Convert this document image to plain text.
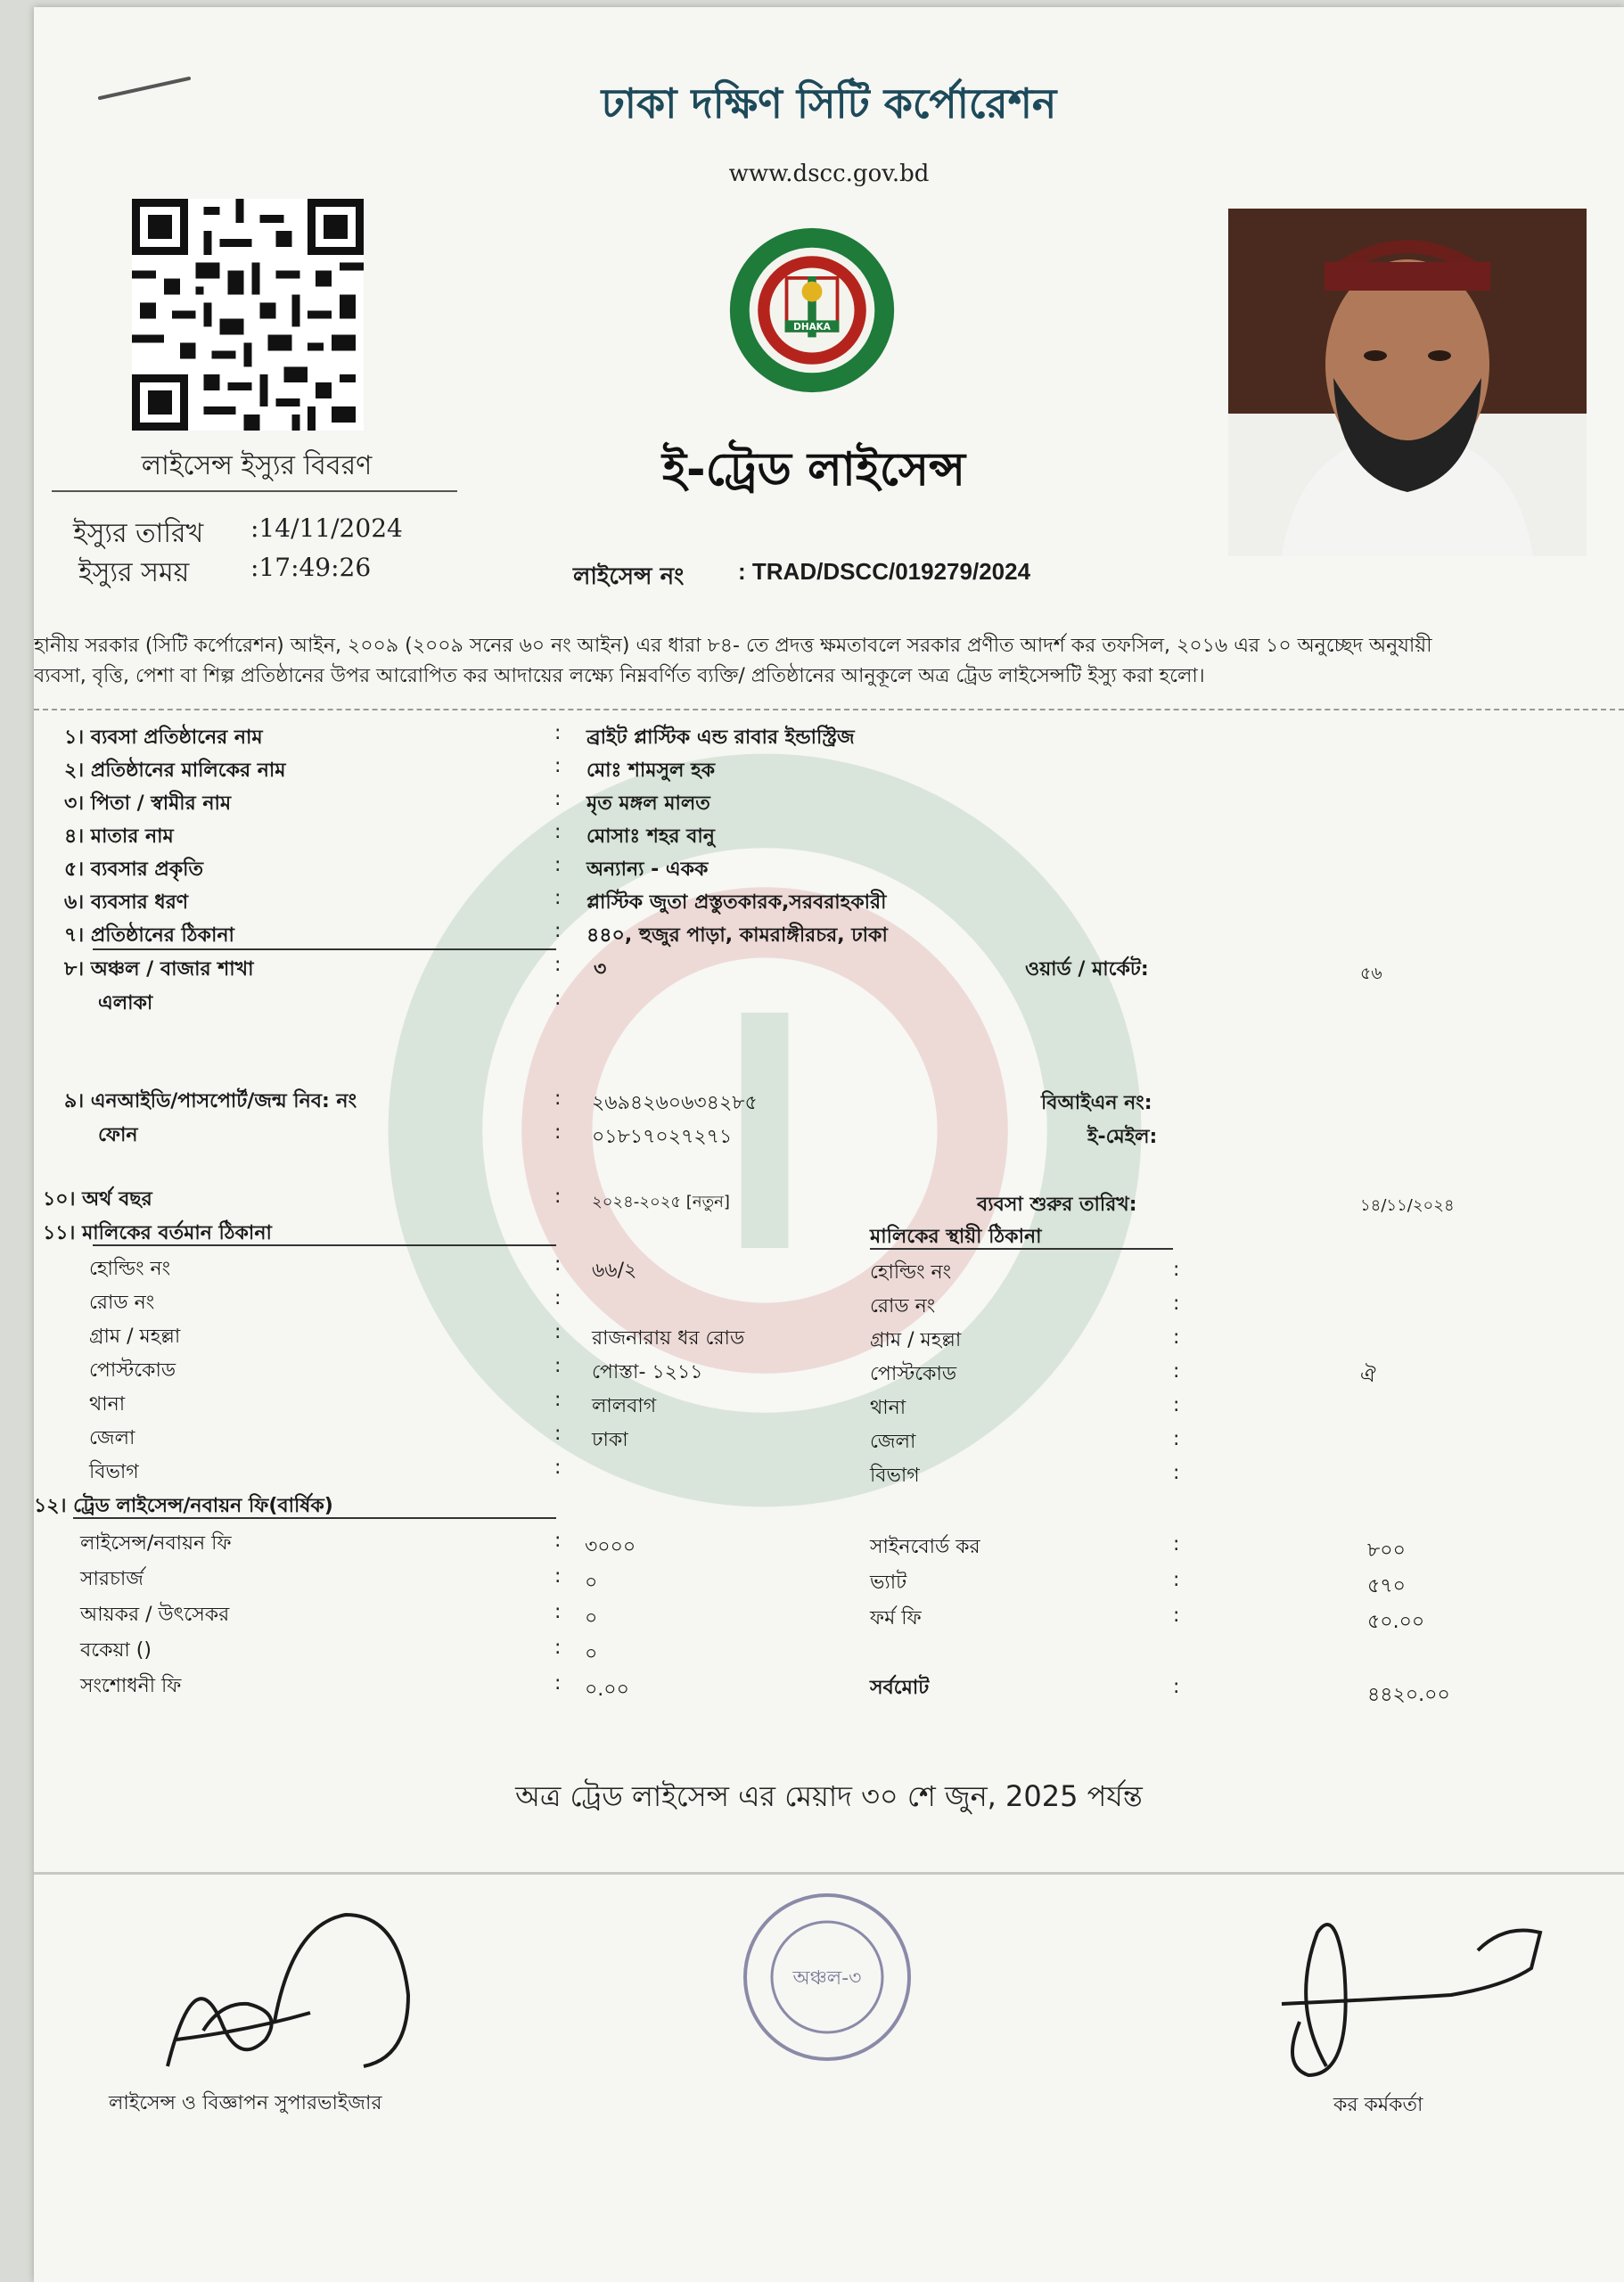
ঢাকা দক্ষিণ সিটি কর্পোরেশন
www.dscc.gov.bd
লাইসেন্স ইস্যুর বিবরণ
ইস্যুর তারিখ :14/11/2024
ইস্যুর সময় :17:49:26
DHAKA
ই-ট্রেড লাইসেন্স
লাইসেন্স নং : TRAD/DSCC/019279/2024
হানীয় সরকার (সিটি কর্পোরেশন) আইন, ২০০৯ (২০০৯ সনের ৬০ নং আইন) এর ধারা ৮৪- তে প্রদত্ত ক্ষমতাবলে সরকার প্রণীত আদর্শ কর তফসিল, ২০১৬ এর ১০ অনুচ্ছেদ অনুযায়ী
ব্যবসা, বৃত্তি, পেশা বা শিল্প প্রতিষ্ঠানের উপর আরোপিত কর আদায়ের লক্ষ্যে নিম্নবর্ণিত ব্যক্তি/ প্রতিষ্ঠানের আনুকূলে অত্র ট্রেড লাইসেন্সটি ইস্যু করা হলো।
১। ব্যবসা প্রতিষ্ঠানের নাম	: ব্রাইট প্লাস্টিক এন্ড রাবার ইন্ডাস্ট্রিজ
২। প্রতিষ্ঠানের মালিকের নাম	: মোঃ শামসুল হক
৩। পিতা / স্বামীর নাম	: মৃত মঙ্গল মালত
৪। মাতার নাম	: মোসাঃ শহর বানু
৫। ব্যবসার প্রকৃতি	: অন্যান্য - একক
৬। ব্যবসার ধরণ	: প্লাস্টিক জুতা প্রস্তুতকারক,সরবরাহকারী
৭। প্রতিষ্ঠানের ঠিকানা	: ৪৪০, হুজুর পাড়া, কামরাঙ্গীরচর, ঢাকা
৮। অঞ্চল / বাজার শাখা	: ৩	ওয়ার্ড / মার্কেট:	৫৬
এলাকা	:
৯। এনআইডি/পাসপোর্ট/জন্ম নিব: নং	: ২৬৯৪২৬০৬৩৪২৮৫	বিআইএন নং:
ফোন	: ০১৮১৭০২৭২৭১	ই-মেইল:
১০। অর্থ বছর	: ২০২৪-২০২৫ [নতুন]	ব্যবসা শুরুর তারিখ:	১৪/১১/২০২৪
১১। মালিকের বর্তমান ঠিকানা	মালিকের স্থায়ী ঠিকানা
হোল্ডিং নং	: ৬৬/২	হোল্ডিং নং	:
রোড নং	:	রোড নং	:
গ্রাম / মহল্লা	: রাজনারায় ধর রোড	গ্রাম / মহল্লা	:
পোস্টকোড	: পোস্তা- ১২১১	পোস্টকোড	:	ঐ
থানা	: লালবাগ	থানা	:
জেলা	: ঢাকা	জেলা	:
বিভাগ	:	বিভাগ	:
১২। ট্রেড লাইসেন্স/নবায়ন ফি(বার্ষিক)
লাইসেন্স/নবায়ন ফি	: ৩০০০	সাইনবোর্ড কর	:	৮০০
সারচার্জ	: ০	ভ্যাট	:	৫৭০
আয়কর / উৎসেকর	: ০	ফর্ম ফি	:	৫০.০০
বকেয়া ()	: ০
সংশোধনী ফি	: ০.০০	সর্বমোট	:	৪৪২০.০০
অত্র ট্রেড লাইসেন্স এর মেয়াদ ৩০ শে জুন, 2025 পর্যন্ত
লাইসেন্স ও বিজ্ঞাপন সুপারভাইজার
অঞ্চল-৩
কর কর্মকর্তা
